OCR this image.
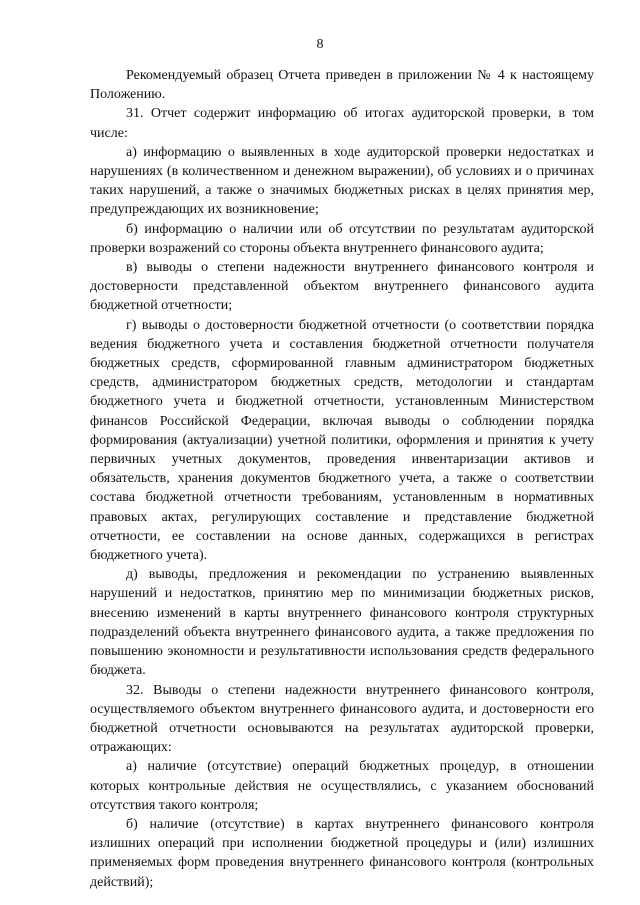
8

Рекомендуемый образец Отчета приведен в приложении № 4 к настоящему Положению.

31. Отчет содержит информацию об итогах аудиторской проверки, в том числе:

а) информацию о выявленных в ходе аудиторской проверки недостатках и нарушениях (в количественном и денежном выражении), об условиях и о причинах таких нарушений, а также о значимых бюджетных рисках в целях принятия мер, предупреждающих их возникновение;

б) информацию о наличии или об отсутствии по результатам аудиторской проверки возражений со стороны объекта внутреннего финансового аудита;

в) выводы о степени надежности внутреннего финансового контроля и достоверности представленной объектом внутреннего финансового аудита бюджетной отчетности;

г) выводы о достоверности бюджетной отчетности (о соответствии порядка ведения бюджетного учета и составления бюджетной отчетности получателя бюджетных средств, сформированной главным администратором бюджетных средств, администратором бюджетных средств, методологии и стандартам бюджетного учета и бюджетной отчетности, установленным Министерством финансов Российской Федерации, включая выводы о соблюдении порядка формирования (актуализации) учетной политики, оформления и принятия к учету первичных учетных документов, проведения инвентаризации активов и обязательств, хранения документов бюджетного учета, а также о соответствии состава бюджетной отчетности требованиям, установленным в нормативных правовых актах, регулирующих составление и представление бюджетной отчетности, ее составлении на основе данных, содержащихся в регистрах бюджетного учета).

д) выводы, предложения и рекомендации по устранению выявленных нарушений и недостатков, принятию мер по минимизации бюджетных рисков, внесению изменений в карты внутреннего финансового контроля структурных подразделений объекта внутреннего финансового аудита, а также предложения по повышению экономности и результативности использования средств федерального бюджета.

32. Выводы о степени надежности внутреннего финансового контроля, осуществляемого объектом внутреннего финансового аудита, и достоверности его бюджетной отчетности основываются на результатах аудиторской проверки, отражающих:

а) наличие (отсутствие) операций бюджетных процедур, в отношении которых контрольные действия не осуществлялись, с указанием обоснований отсутствия такого контроля;

б) наличие (отсутствие) в картах внутреннего финансового контроля излишних операций при исполнении бюджетной процедуры и (или) излишних применяемых форм проведения внутреннего финансового контроля (контрольных действий);
